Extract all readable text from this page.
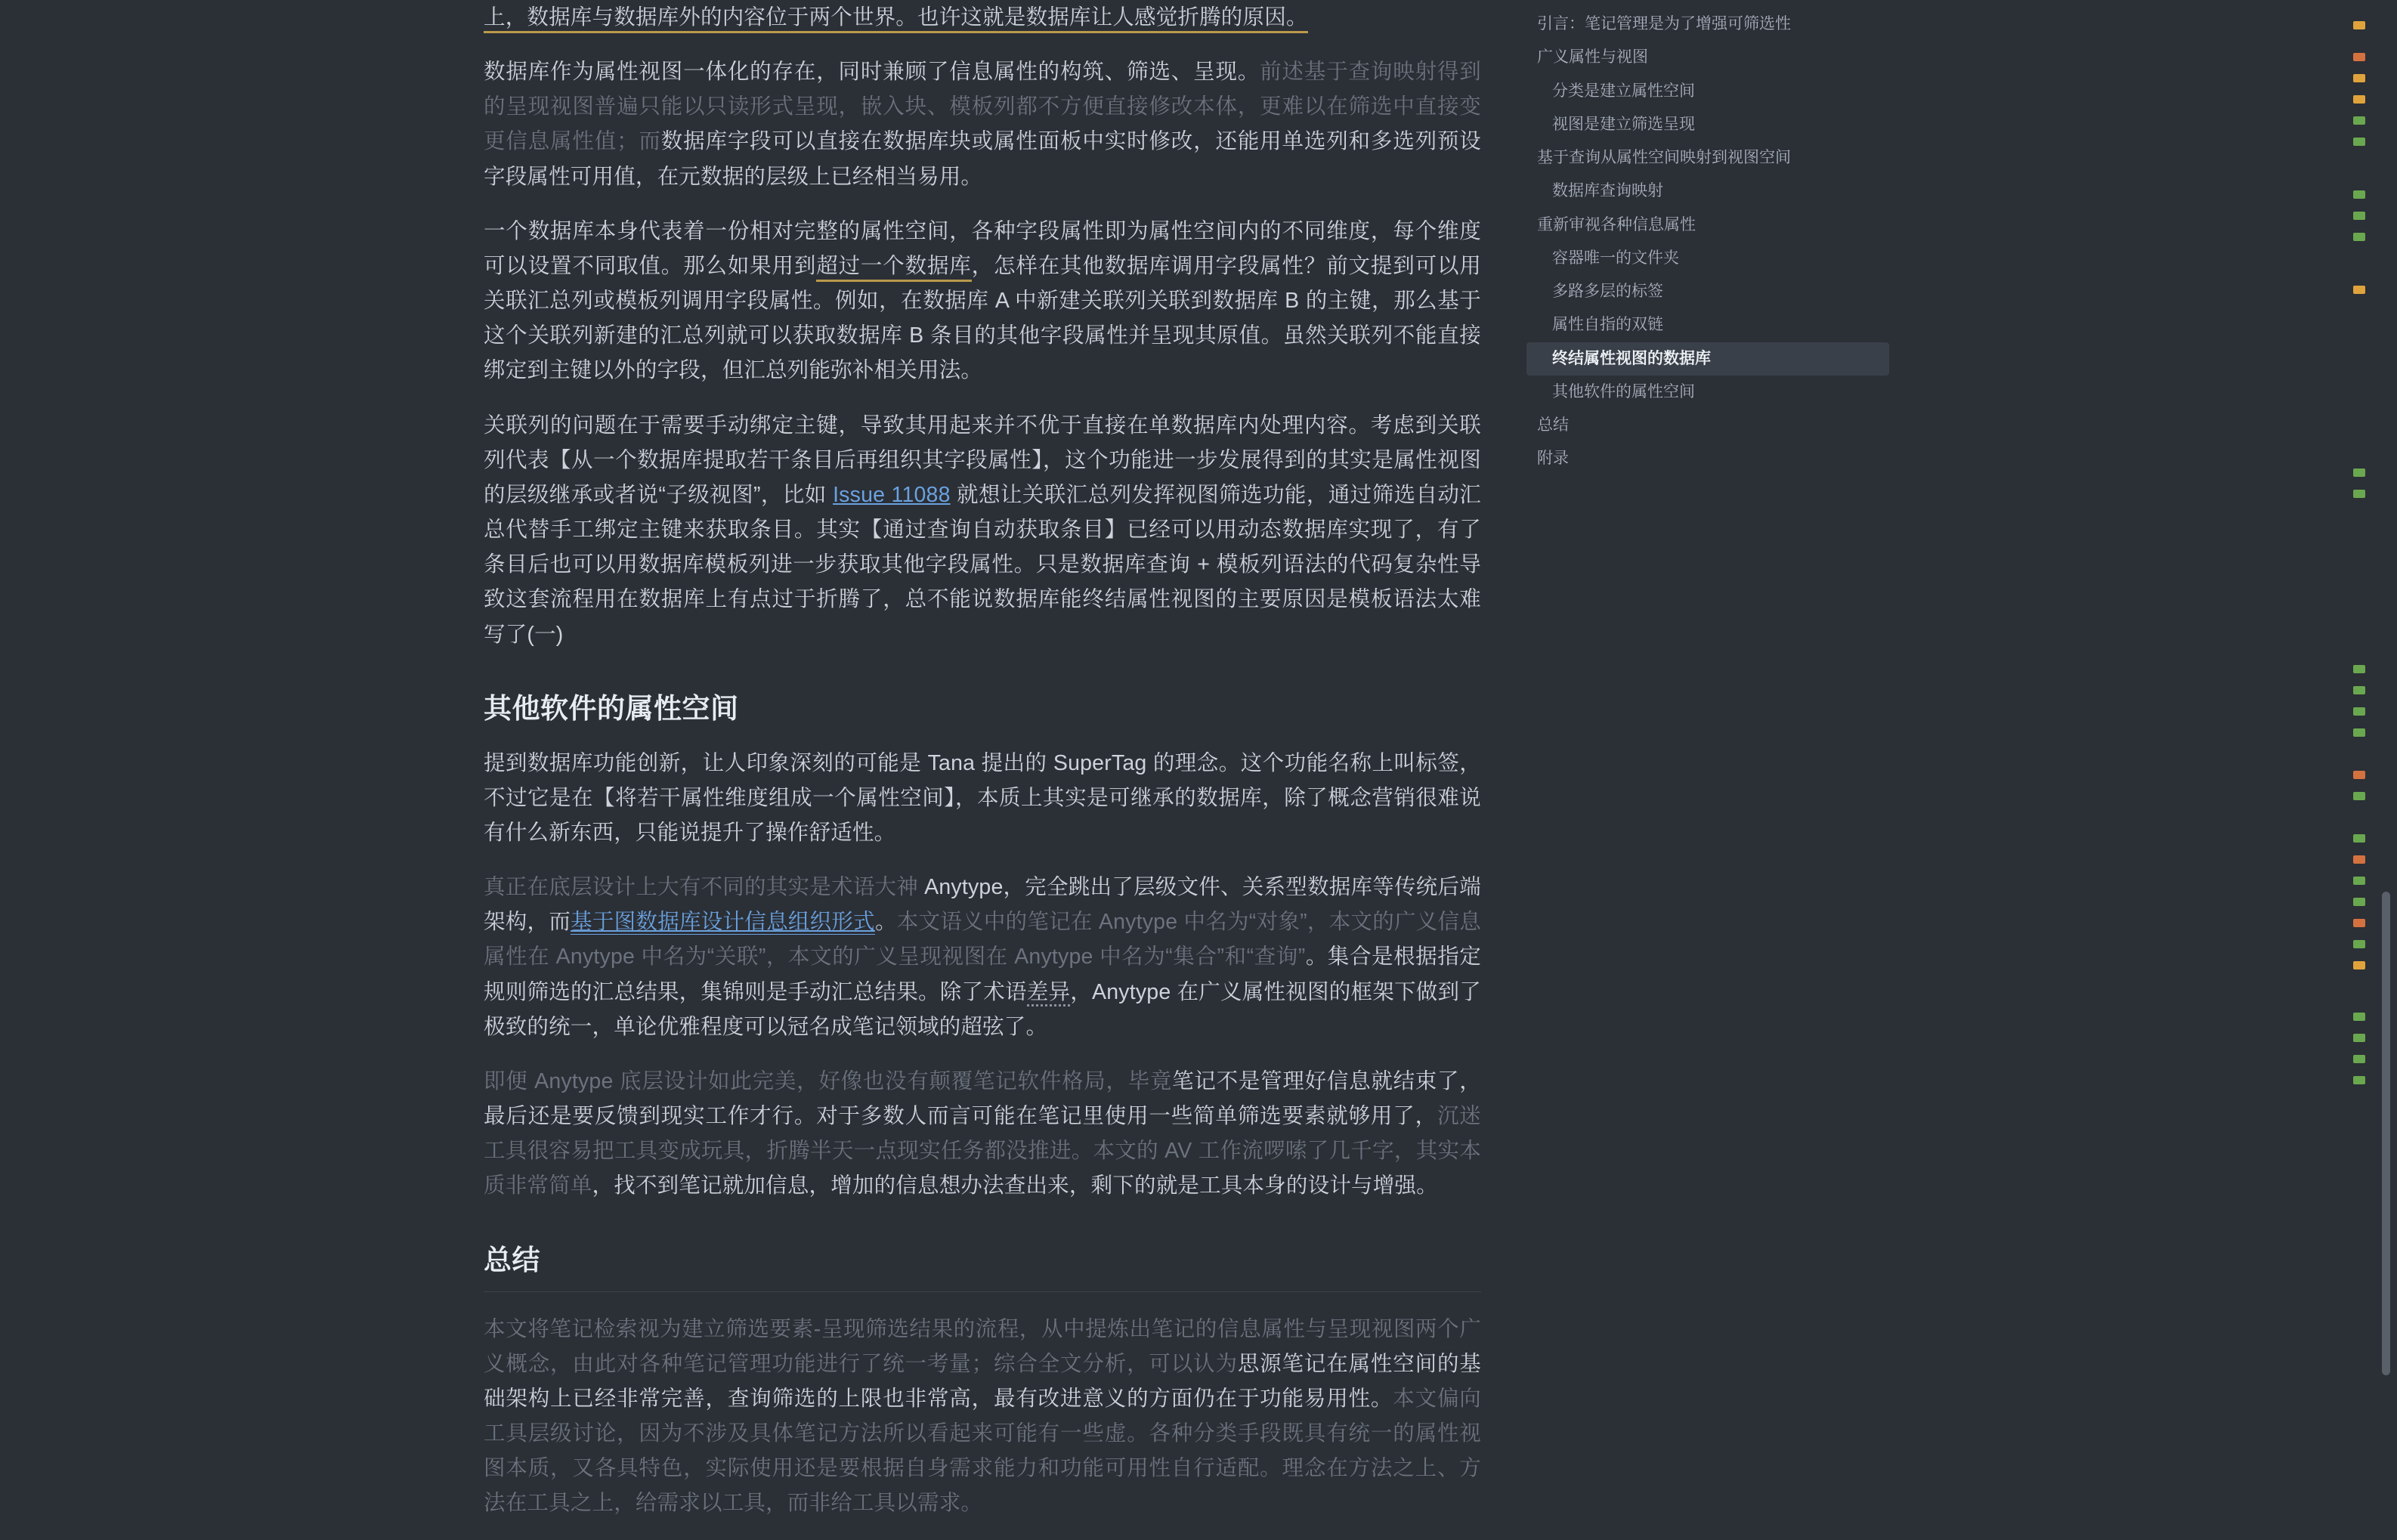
上，数据库与数据库外的内容位于两个世界。也许这就是数据库让人感觉折腾的原因。

数据库作为属性视图一体化的存在，同时兼顾了信息属性的构筑、筛选、呈现。前述基于查询映射得到的呈现视图普遍只能以只读形式呈现，嵌入块、模板列都不方便直接修改本体，更难以在筛选中直接变更信息属性值；而数据库字段可以直接在数据库块或属性面板中实时修改，还能用单选列和多选列预设字段属性可用值，在元数据的层级上已经相当易用。

一个数据库本身代表着一份相对完整的属性空间，各种字段属性即为属性空间内的不同维度，每个维度可以设置不同取值。那么如果用到超过一个数据库，怎样在其他数据库调用字段属性？前文提到可以用关联汇总列或模板列调用字段属性。例如，在数据库 A 中新建关联列关联到数据库 B 的主键，那么基于这个关联列新建的汇总列就可以获取数据库 B 条目的其他字段属性并呈现其原值。虽然关联列不能直接绑定到主键以外的字段，但汇总列能弥补相关用法。

关联列的问题在于需要手动绑定主键，导致其用起来并不优于直接在单数据库内处理内容。考虑到关联列代表【从一个数据库提取若干条目后再组织其字段属性】，这个功能进一步发展得到的其实是属性视图的层级继承或者说“子级视图”，比如 Issue 11088 就想让关联汇总列发挥视图筛选功能，通过筛选自动汇总代替手工绑定主键来获取条目。其实【通过查询自动获取条目】已经可以用动态数据库实现了，有了条目后也可以用数据库模板列进一步获取其他字段属性。只是数据库查询 + 模板列语法的代码复杂性导致这套流程用在数据库上有点过于折腾了，总不能说数据库能终结属性视图的主要原因是模板语法太难写了(一)

其他软件的属性空间

提到数据库功能创新，让人印象深刻的可能是 Tana 提出的 SuperTag 的理念。这个功能名称上叫标签，不过它是在【将若干属性维度组成一个属性空间】，本质上其实是可继承的数据库，除了概念营销很难说有什么新东西，只能说提升了操作舒适性。

真正在底层设计上大有不同的其实是术语大神 Anytype，完全跳出了层级文件、关系型数据库等传统后端架构，而基于图数据库设计信息组织形式。本文语义中的笔记在 Anytype 中名为“对象”，本文的广义信息属性在 Anytype 中名为“关联”，本文的广义呈现视图在 Anytype 中名为“集合”和“查询”。集合是根据指定规则筛选的汇总结果，集锦则是手动汇总结果。除了术语差异，Anytype 在广义属性视图的框架下做到了极致的统一，单论优雅程度可以冠名成笔记领域的超弦了。

即便 Anytype 底层设计如此完美，好像也没有颠覆笔记软件格局，毕竟笔记不是管理好信息就结束了，最后还是要反馈到现实工作才行。对于多数人而言可能在笔记里使用一些简单筛选要素就够用了，沉迷工具很容易把工具变成玩具，折腾半天一点现实任务都没推进。本文的 AV 工作流啰嗦了几千字，其实本质非常简单，找不到笔记就加信息，增加的信息想办法查出来，剩下的就是工具本身的设计与增强。

总结

本文将笔记检索视为建立筛选要素-呈现筛选结果的流程，从中提炼出笔记的信息属性与呈现视图两个广义概念，由此对各种笔记管理功能进行了统一考量；综合全文分析，可以认为思源笔记在属性空间的基础架构上已经非常完善，查询筛选的上限也非常高，最有改进意义的方面仍在于功能易用性。本文偏向工具层级讨论，因为不涉及具体笔记方法所以看起来可能有一些虚。各种分类手段既具有统一的属性视图本质，又各具特色，实际使用还是要根据自身需求能力和功能可用性自行适配。理念在方法之上、方法在工具之上，给需求以工具，而非给工具以需求。

引言：笔记管理是为了增强可筛选性
广义属性与视图
分类是建立属性空间
视图是建立筛选呈现
基于查询从属性空间映射到视图空间
数据库查询映射
重新审视各种信息属性
容器唯一的文件夹
多路多层的标签
属性自指的双链
终结属性视图的数据库
其他软件的属性空间
总结
附录
